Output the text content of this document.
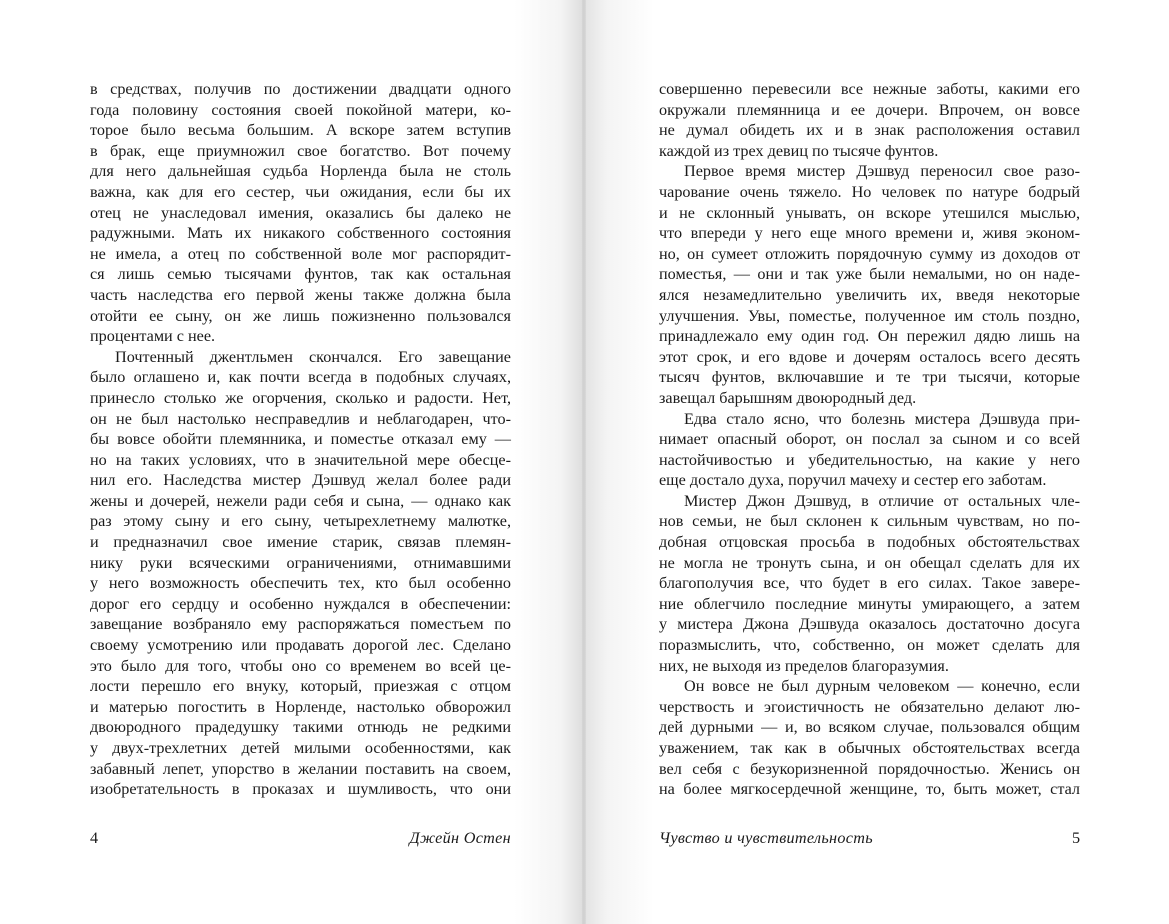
в средствах, получив по достижении двадцати одного
года половину состояния своей покойной матери, ко-
торое было весьма большим. А вскоре затем вступив
в брак, еще приумножил свое богатство. Вот почему
для него дальнейшая судьба Норленда была не столь
важна, как для его сестер, чьи ожидания, если бы их
отец не унаследовал имения, оказались бы далеко не
радужными. Мать их никакого собственного состояния
не имела, а отец по собственной воле мог распорядит-
ся лишь семью тысячами фунтов, так как остальная
часть наследства его первой жены также должна была
отойти ее сыну, он же лишь пожизненно пользовался
процентами с нее.
Почтенный джентльмен скончался. Его завещание
было оглашено и, как почти всегда в подобных случаях,
принесло столько же огорчения, сколько и радости. Нет,
он не был настолько несправедлив и неблагодарен, что-
бы вовсе обойти племянника, и поместье отказал ему —
но на таких условиях, что в значительной мере обесце-
нил его. Наследства мистер Дэшвуд желал более ради
жены и дочерей, нежели ради себя и сына, — однако как
раз этому сыну и его сыну, четырехлетнему малютке,
и предназначил свое имение старик, связав племян-
нику руки всяческими ограничениями, отнимавшими
у него возможность обеспечить тех, кто был особенно
дорог его сердцу и особенно нуждался в обеспечении:
завещание возбраняло ему распоряжаться поместьем по
своему усмотрению или продавать дорогой лес. Сделано
это было для того, чтобы оно со временем во всей це-
лости перешло его внуку, который, приезжая с отцом
и матерью погостить в Норленде, настолько обворожил
двоюродного прадедушку такими отнюдь не редкими
у двух-трехлетних детей милыми особенностями, как
забавный лепет, упорство в желании поставить на своем,
изобретательность в проказах и шумливость, что они
4	Джейн Остен
совершенно перевесили все нежные заботы, какими его
окружали племянница и ее дочери. Впрочем, он вовсе
не думал обидеть их и в знак расположения оставил
каждой из трех девиц по тысяче фунтов.
Первое время мистер Дэшвуд переносил свое разо-
чарование очень тяжело. Но человек по натуре бодрый
и не склонный унывать, он вскоре утешился мыслью,
что впереди у него еще много времени и, живя эконом-
но, он сумеет отложить порядочную сумму из доходов от
поместья, — они и так уже были немалыми, но он наде-
ялся незамедлительно увеличить их, введя некоторые
улучшения. Увы, поместье, полученное им столь поздно,
принадлежало ему один год. Он пережил дядю лишь на
этот срок, и его вдове и дочерям осталось всего десять
тысяч фунтов, включавшие и те три тысячи, которые
завещал барышням двоюродный дед.
Едва стало ясно, что болезнь мистера Дэшвуда при-
нимает опасный оборот, он послал за сыном и со всей
настойчивостью и убедительностью, на какие у него
еще достало духа, поручил мачеху и сестер его заботам.
Мистер Джон Дэшвуд, в отличие от остальных чле-
нов семьи, не был склонен к сильным чувствам, но по-
добная отцовская просьба в подобных обстоятельствах
не могла не тронуть сына, и он обещал сделать для их
благополучия все, что будет в его силах. Такое завере-
ние облегчило последние минуты умирающего, а затем
у мистера Джона Дэшвуда оказалось достаточно досуга
поразмыслить, что, собственно, он может сделать для
них, не выходя из пределов благоразумия.
Он вовсе не был дурным человеком — конечно, если
черствость и эгоистичность не обязательно делают лю-
дей дурными — и, во всяком случае, пользовался общим
уважением, так как в обычных обстоятельствах всегда
вел себя с безукоризненной порядочностью. Женись он
на более мягкосердечной женщине, то, быть может, стал
Чувство и чувствительность	5
